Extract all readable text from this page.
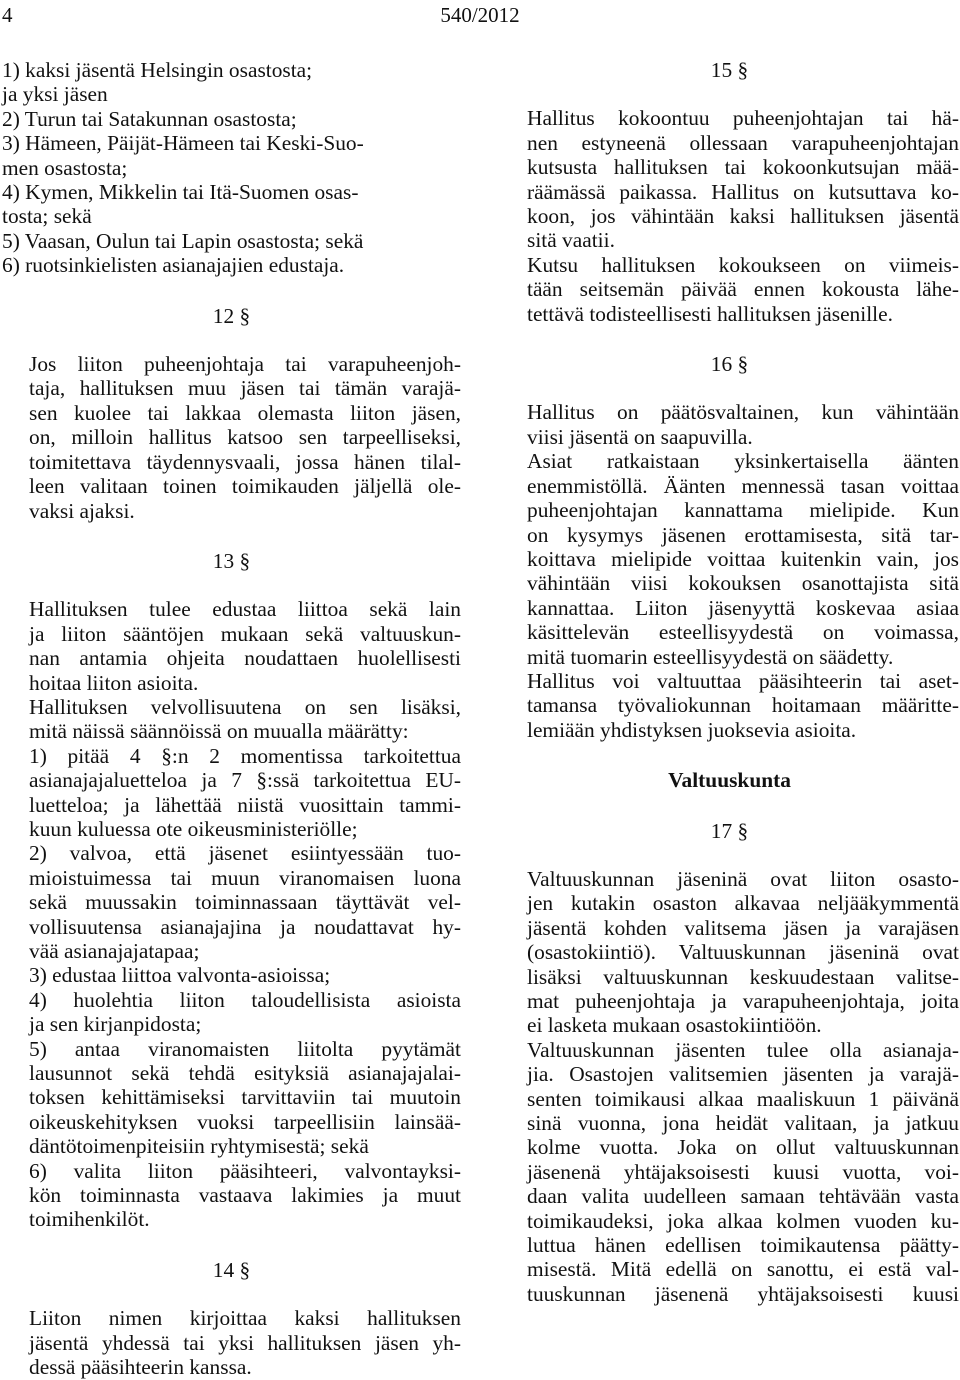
4	540/2012
1) kaksi jäsentä Helsingin osastosta;
ja yksi jäsen
2) Turun tai Satakunnan osastosta;
3) Hämeen, Päijät-Hämeen tai Keski-Suo-
men osastosta;
4) Kymen, Mikkelin tai Itä-Suomen osas-
tosta; sekä
5) Vaasan, Oulun tai Lapin osastosta; sekä
6) ruotsinkielisten asianajajien edustaja.
12 §

Jos liiton puheenjohtaja tai varapuheenjoh-
taja, hallituksen muu jäsen tai tämän varajä-
sen kuolee tai lakkaa olemasta liiton jäsen,
on, milloin hallitus katsoo sen tarpeelliseksi,
toimitettava täydennysvaali, jossa hänen tilal-
leen valitaan toinen toimikauden jäljellä ole-
vaksi ajaksi.

13 §

Hallituksen tulee edustaa liittoa sekä lain
ja liiton sääntöjen mukaan sekä valtuuskun-
nan antamia ohjeita noudattaen huolellisesti
hoitaa liiton asioita.

Hallituksen velvollisuutena on sen lisäksi,
mitä näissä säännöissä on muualla määrätty:

1) pitää 4 §:n 2 momentissa tarkoitettua
asianajajaluetteloa ja 7 §:ssä tarkoitettua EU-
luetteloa; ja lähettää niistä vuosittain tammi-
kuun kuluessa ote oikeusministeriölle;

2) valvoa, että jäsenet esiintyessään tuo-
mioistuimessa tai muun viranomaisen luona
sekä muussakin toiminnassaan täyttävät vel-
vollisuutensa asianajajina ja noudattavat hy-
vää asianajajatapaa;

3) edustaa liittoa valvonta-asioissa;

4) huolehtia liiton taloudellisista asioista
ja sen kirjanpidosta;

5) antaa viranomaisten liitolta pyytämät
lausunnot sekä tehdä esityksiä asianajajalai-
toksen kehittämiseksi tarvittaviin tai muutoin
oikeuskehityksen vuoksi tarpeellisiin lainsää-
däntötoimenpiteisiin ryhtymisestä; sekä

6) valita liiton pääsihteeri, valvontayksi-
kön toiminnasta vastaava lakimies ja muut
toimihenkilöt.

14 §

Liiton nimen kirjoittaa kaksi hallituksen
jäsentä yhdessä tai yksi hallituksen jäsen yh-
dessä pääsihteerin kanssa.

15 §

Hallitus kokoontuu puheenjohtajan tai hä-
nen estyneenä ollessaan varapuheenjohtajan
kutsusta hallituksen tai kokoonkutsujan mää-
räämässä paikassa. Hallitus on kutsuttava ko-
koon, jos vähintään kaksi hallituksen jäsentä
sitä vaatii.

Kutsu hallituksen kokoukseen on viimeis-
tään seitsemän päivää ennen kokousta lähe-
tettävä todisteellisesti hallituksen jäsenille.

16 §

Hallitus on päätösvaltainen, kun vähintään
viisi jäsentä on saapuvilla.

Asiat ratkaistaan yksinkertaisella äänten
enemmistöllä. Äänten mennessä tasan voittaa
puheenjohtajan kannattama mielipide. Kun
on kysymys jäsenen erottamisesta, sitä tar-
koittava mielipide voittaa kuitenkin vain, jos
vähintään viisi kokouksen osanottajista sitä
kannattaa. Liiton jäsenyyttä koskevaa asiaa
käsittelevän esteellisyydestä on voimassa,
mitä tuomarin esteellisyydestä on säädetty.

Hallitus voi valtuuttaa pääsihteerin tai aset-
tamansa työvaliokunnan hoitamaan määritte-
lemiään yhdistyksen juoksevia asioita.

Valtuuskunta
17 §

Valtuuskunnan jäseninä ovat liiton osasto-
jen kutakin osaston alkavaa neljääkymmentä
jäsentä kohden valitsema jäsen ja varajäsen
(osastokiintiö). Valtuuskunnan jäseninä ovat
lisäksi valtuuskunnan keskuudestaan valitse-
mat puheenjohtaja ja varapuheenjohtaja, joita
ei lasketa mukaan osastokiintiöön.

Valtuuskunnan jäsenten tulee olla asianaja-
jia. Osastojen valitsemien jäsenten ja varajä-
senten toimikausi alkaa maaliskuun 1 päivänä
sinä vuonna, jona heidät valitaan, ja jatkuu
kolme vuotta. Joka on ollut valtuuskunnan
jäsenenä yhtäjaksoisesti kuusi vuotta, voi-
daan valita uudelleen samaan tehtävään vasta
toimikaudeksi, joka alkaa kolmen vuoden ku-
luttua hänen edellisen toimikautensa päätty-
misestä. Mitä edellä on sanottu, ei estä val-
tuuskunnan jäsenenä yhtäjaksoisesti kuusi
